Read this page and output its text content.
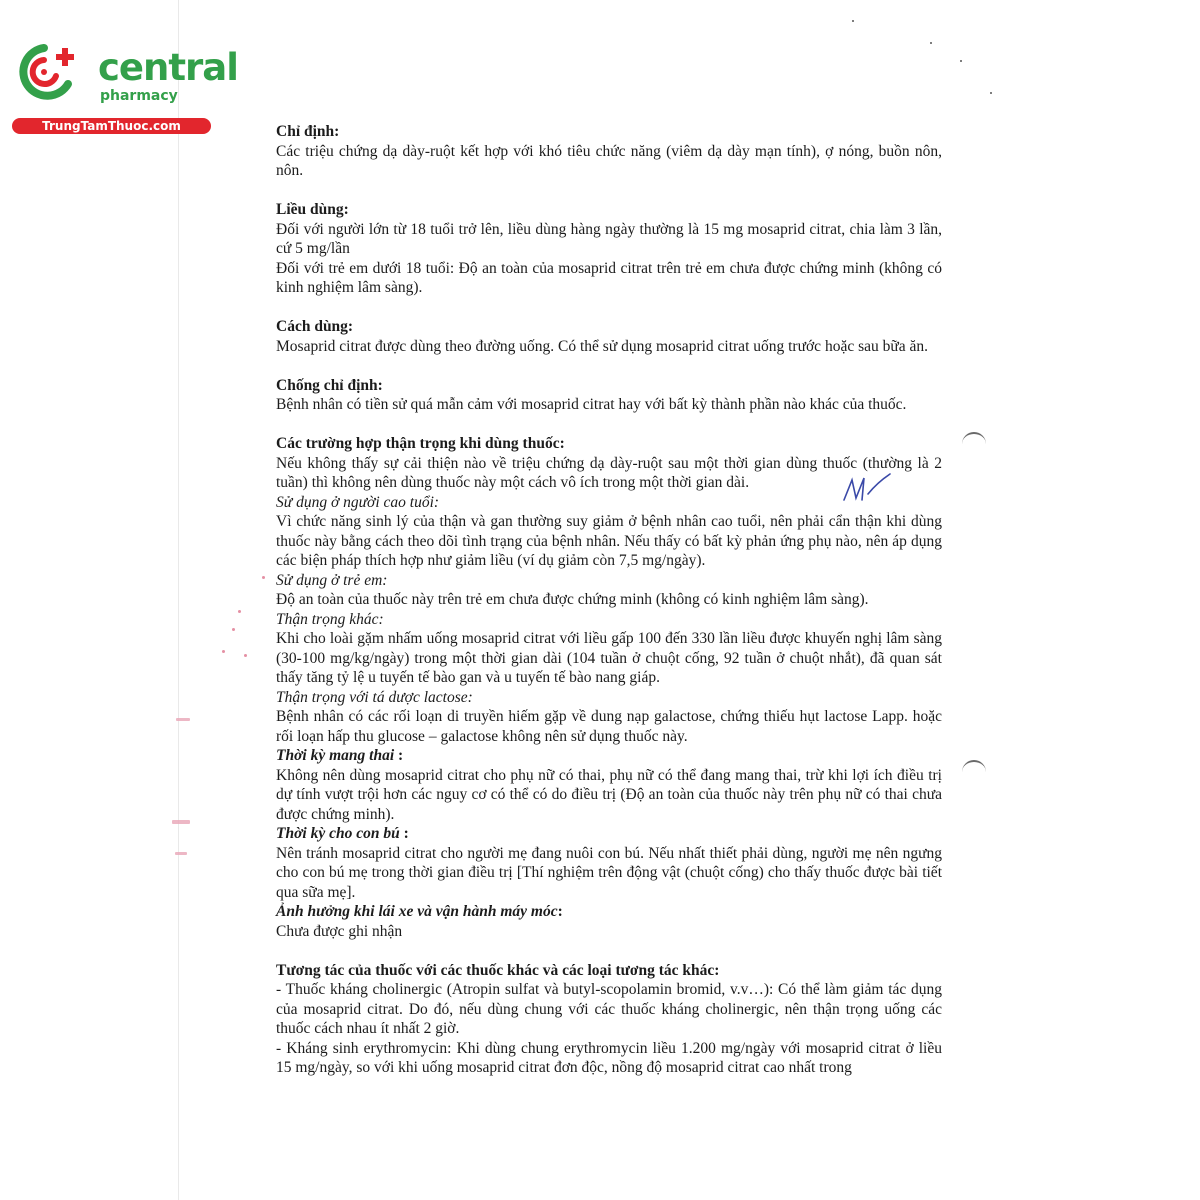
central
pharmacy
TrungTamThuoc.com	Chỉ định:
Các triệu chứng dạ dày-ruột kết hợp với khó tiêu chức năng (viêm dạ dày mạn tính), ợ nóng, buồn nôn, nôn.
Liều dùng:
Đối với người lớn từ 18 tuổi trở lên, liều dùng hàng ngày thường là 15 mg mosaprid citrat, chia làm 3 lần, cứ 5 mg/lần
Đối với trẻ em dưới 18 tuổi: Độ an toàn của mosaprid citrat trên trẻ em chưa được chứng minh (không có kinh nghiệm lâm sàng).
Cách dùng:
Mosaprid citrat được dùng theo đường uống. Có thể sử dụng mosaprid citrat uống trước hoặc sau bữa ăn.
Chống chỉ định:
Bệnh nhân có tiền sử quá mẫn cảm với mosaprid citrat hay với bất kỳ thành phần nào khác của thuốc.
Các trường hợp thận trọng khi dùng thuốc:
Nếu không thấy sự cải thiện nào về triệu chứng dạ dày-ruột sau một thời gian dùng thuốc (thường là 2 tuần) thì không nên dùng thuốc này một cách vô ích trong một thời gian dài.
Sử dụng ở người cao tuổi:
Vì chức năng sinh lý của thận và gan thường suy giảm ở bệnh nhân cao tuổi, nên phải cẩn thận khi dùng thuốc này bằng cách theo dõi tình trạng của bệnh nhân. Nếu thấy có bất kỳ phản ứng phụ nào, nên áp dụng các biện pháp thích hợp như giảm liều (ví dụ giảm còn 7,5 mg/ngày).
Sử dụng ở trẻ em:
Độ an toàn của thuốc này trên trẻ em chưa được chứng minh (không có kinh nghiệm lâm sàng).
Thận trọng khác:
Khi cho loài gặm nhấm uống mosaprid citrat với liều gấp 100 đến 330 lần liều được khuyến nghị lâm sàng (30-100 mg/kg/ngày) trong một thời gian dài (104 tuần ở chuột cống, 92 tuần ở chuột nhắt), đã quan sát thấy tăng tỷ lệ u tuyến tế bào gan và u tuyến tế bào nang giáp.
Thận trọng với tá dược lactose:
Bệnh nhân có các rối loạn di truyền hiếm gặp về dung nạp galactose, chứng thiếu hụt lactose Lapp. hoặc rối loạn hấp thu glucose – galactose không nên sử dụng thuốc này.
Thời kỳ mang thai :
Không nên dùng mosaprid citrat cho phụ nữ có thai, phụ nữ có thể đang mang thai, trừ khi lợi ích điều trị dự tính vượt trội hơn các nguy cơ có thể có do điều trị (Độ an toàn của thuốc này trên phụ nữ có thai chưa được chứng minh).
Thời kỳ cho con bú :
Nên tránh mosaprid citrat cho người mẹ đang nuôi con bú. Nếu nhất thiết phải dùng, người mẹ nên ngưng cho con bú mẹ trong thời gian điều trị [Thí nghiệm trên động vật (chuột cống) cho thấy thuốc được bài tiết qua sữa mẹ].
Ảnh hưởng khi lái xe và vận hành máy móc:
Chưa được ghi nhận
Tương tác của thuốc với các thuốc khác và các loại tương tác khác:
- Thuốc kháng cholinergic (Atropin sulfat và butyl-scopolamin bromid, v.v…): Có thể làm giảm tác dụng của mosaprid citrat. Do đó, nếu dùng chung với các thuốc kháng cholinergic, nên thận trọng uống các thuốc cách nhau ít nhất 2 giờ.
- Kháng sinh erythromycin: Khi dùng chung erythromycin liều 1.200 mg/ngày với mosaprid citrat ở liều 15 mg/ngày, so với khi uống mosaprid citrat đơn độc, nồng độ mosaprid citrat cao nhất trong
